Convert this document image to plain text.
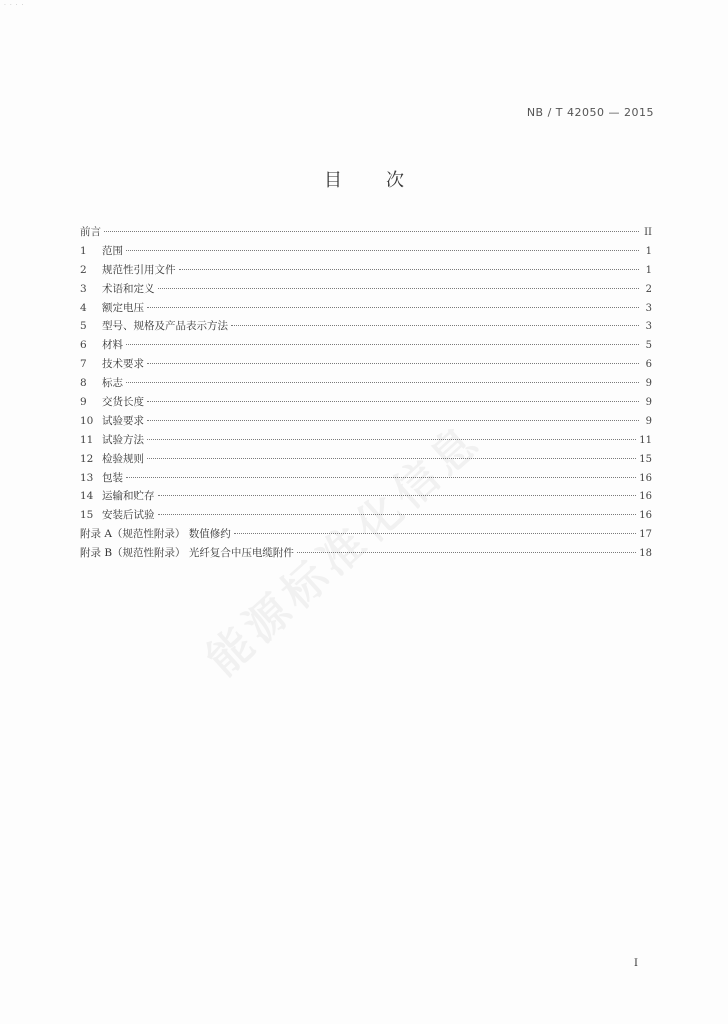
· · · ·
NB / T 42050 — 2015
目次
前言	II
1	范围	1
2	规范性引用文件	1
3	术语和定义	2
4	额定电压	3
5	型号、规格及产品表示方法	3
6	材料	5
7	技术要求	6
8	标志	9
9	交货长度	9
10 试验要求	9
11 试验方法	11
12 检验规则	15
13 包装	16
14 运输和贮存	16
15 安装后试验	16
附录 A（规范性附录） 数值修约	17
附录 B（规范性附录） 光纤复合中压电缆附件	18
I
